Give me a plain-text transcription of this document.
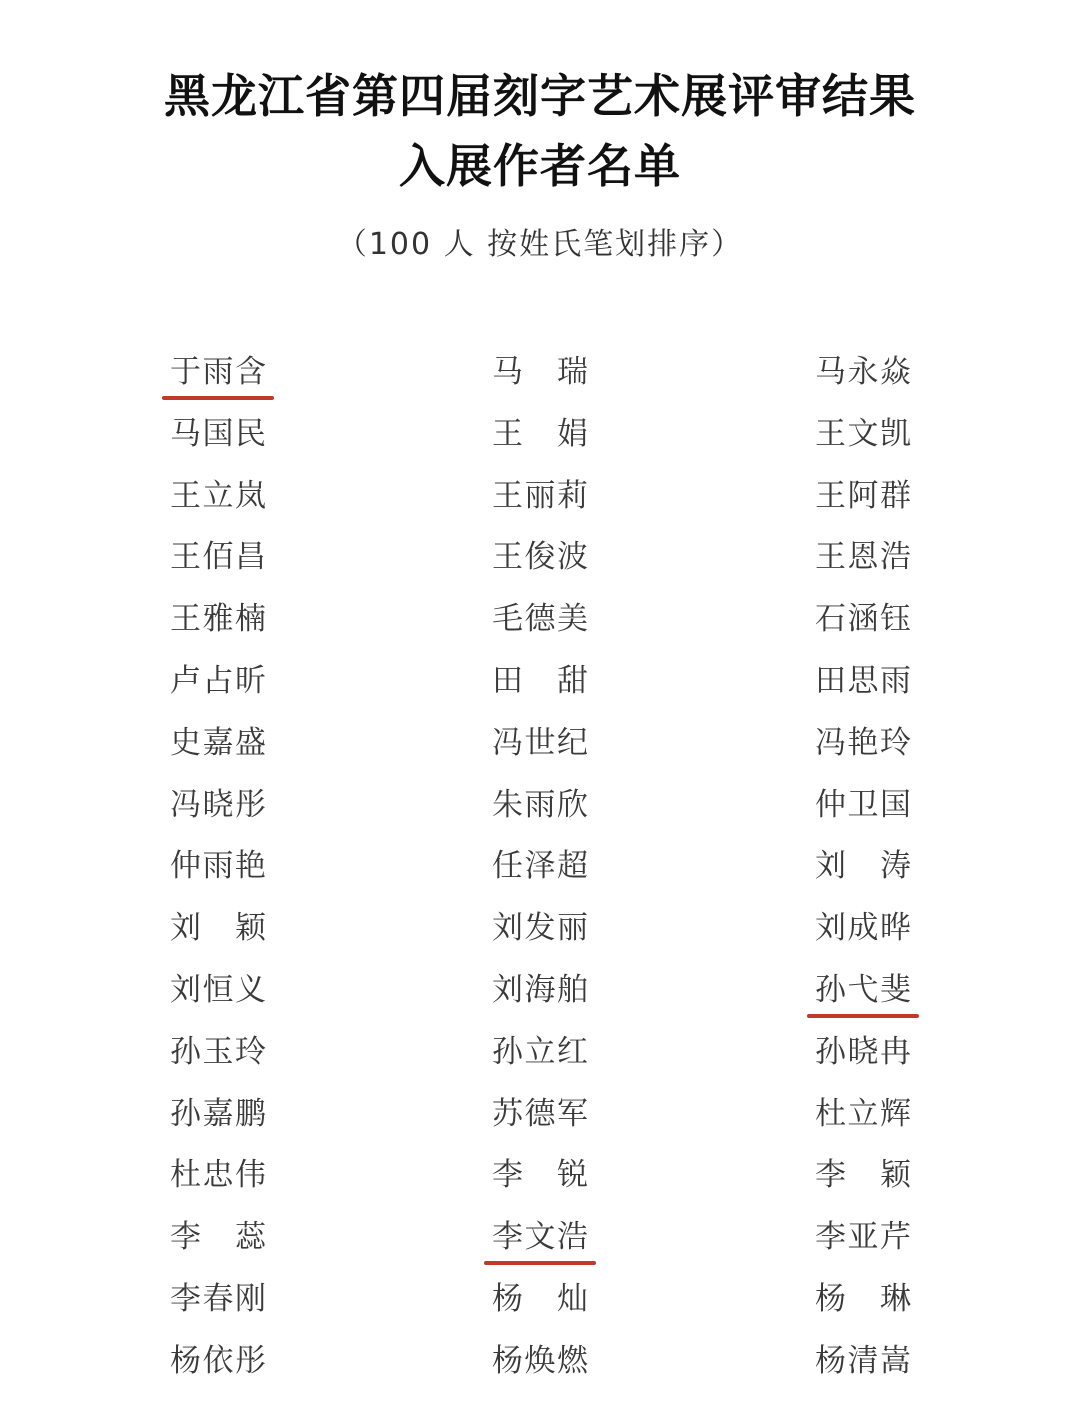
黑龙江省第四届刻字艺术展评审结果
入展作者名单
（100 人 按姓氏笔划排序）
于雨含
马国民
王立岚
王佰昌
王雅楠
卢占昕
史嘉盛
冯晓彤
仲雨艳
刘颖
刘恒义
孙玉玲
孙嘉鹏
杜忠伟
李蕊
李春刚
杨依彤
马瑞
王娟
王丽莉
王俊波
毛德美
田甜
冯世纪
朱雨欣
任泽超
刘发丽
刘海舶
孙立红
苏德军
李锐
李文浩
杨灿
杨焕燃
马永焱
王文凯
王阿群
王恩浩
石涵钰
田思雨
冯艳玲
仲卫国
刘涛
刘成晔
孙弋斐
孙晓冉
杜立辉
李颖
李亚芹
杨琳
杨清嵩
